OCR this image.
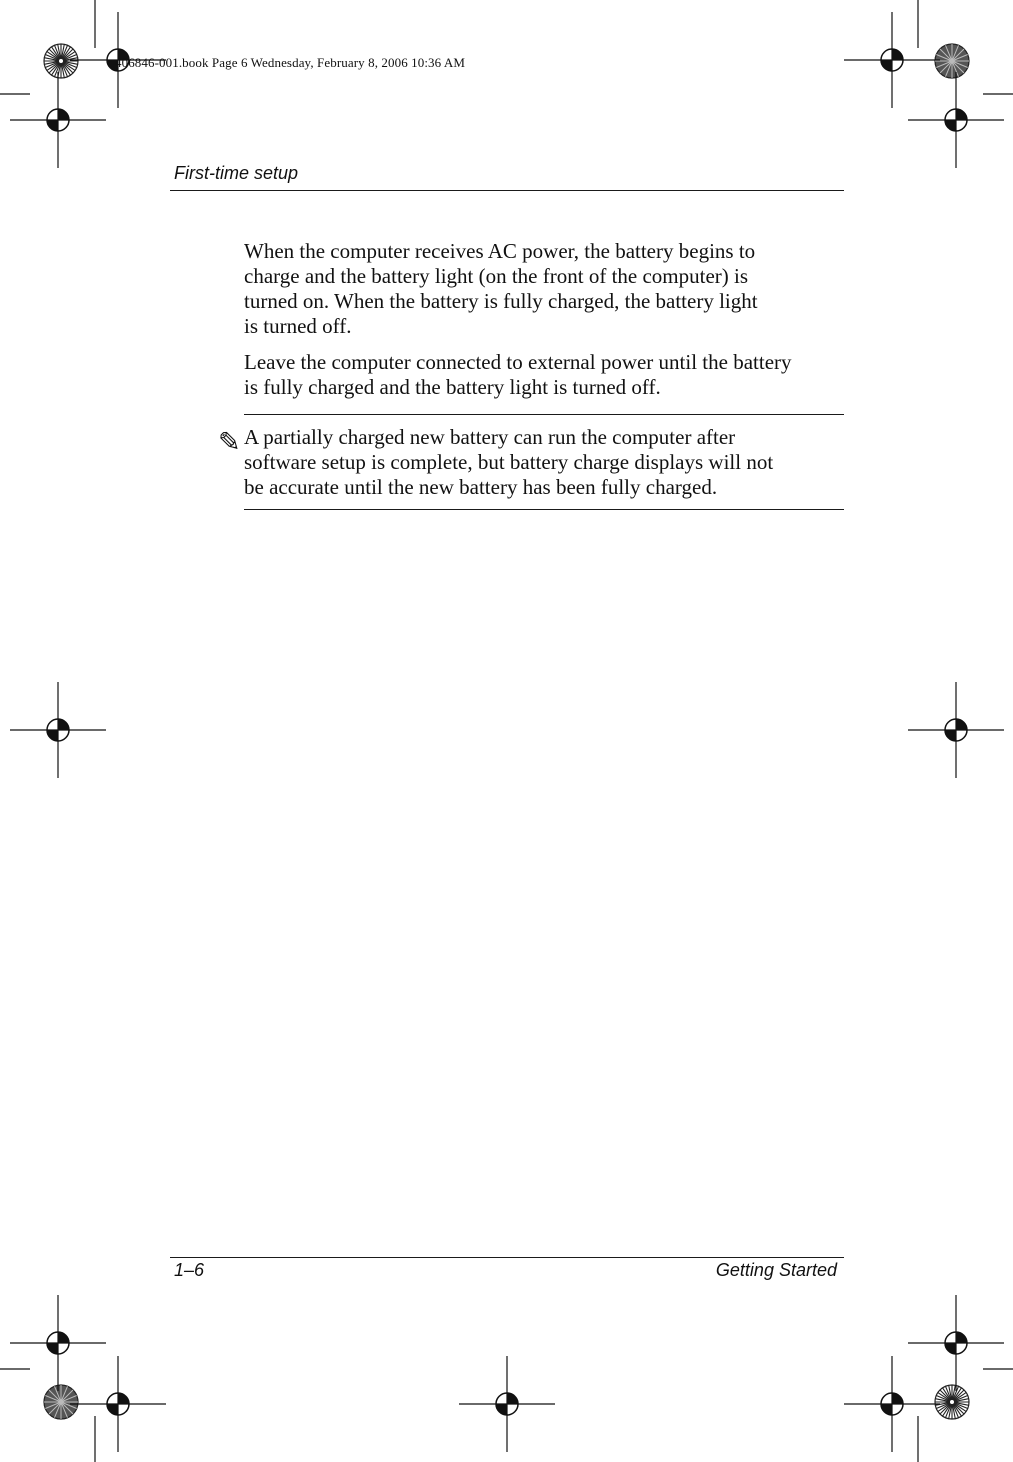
406846-001.book Page 6 Wednesday, February 8, 2006 10:36 AM
First-time setup
When the computer receives AC power, the battery begins to
charge and the battery light (on the front of the computer) is
turned on. When the battery is fully charged, the battery light
is turned off.
Leave the computer connected to external power until the battery
is fully charged and the battery light is turned off.
✎ A partially charged new battery can run the computer after
software setup is complete, but battery charge displays will not
be accurate until the new battery has been fully charged.
1–6	Getting Started
